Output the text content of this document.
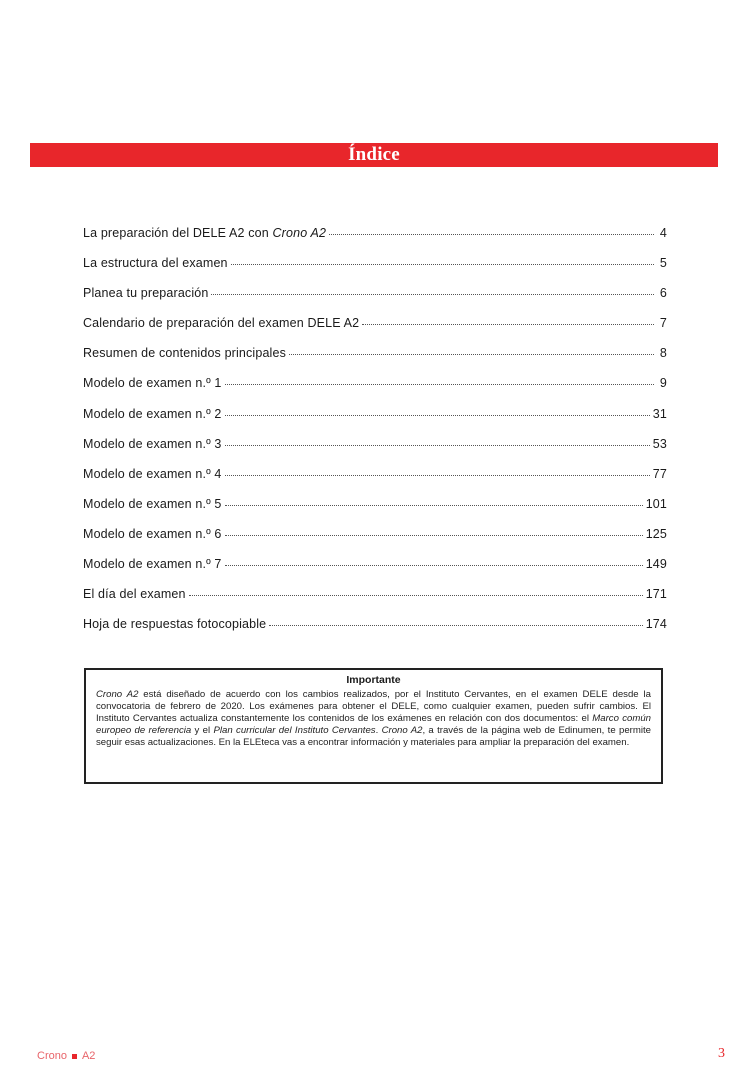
Índice
La preparación del DELE A2 con Crono A2	4
La estructura del examen	5
Planea tu preparación	6
Calendario de preparación del examen DELE A2	7
Resumen de contenidos principales	8
Modelo de examen n.º 1	9
Modelo de examen n.º 2	31
Modelo de examen n.º 3	53
Modelo de examen n.º 4	77
Modelo de examen n.º 5	101
Modelo de examen n.º 6	125
Modelo de examen n.º 7	149
El día del examen	171
Hoja de respuestas fotocopiable	174
Importante

Crono A2 está diseñado de acuerdo con los cambios realizados, por el Instituto Cervantes, en el examen DELE desde la convocatoria de febrero de 2020. Los exámenes para obtener el DELE, como cualquier examen, pueden sufrir cambios. El Instituto Cervantes actualiza constantemente los contenidos de los exámenes en relación con dos documentos: el Marco común europeo de referencia y el Plan curricular del Instituto Cervantes. Crono A2, a través de la página web de Edinumen, te permite seguir esas actualizaciones. En la ELEteca vas a encontrar información y materiales para ampliar la preparación del examen.

Crono A2	3
